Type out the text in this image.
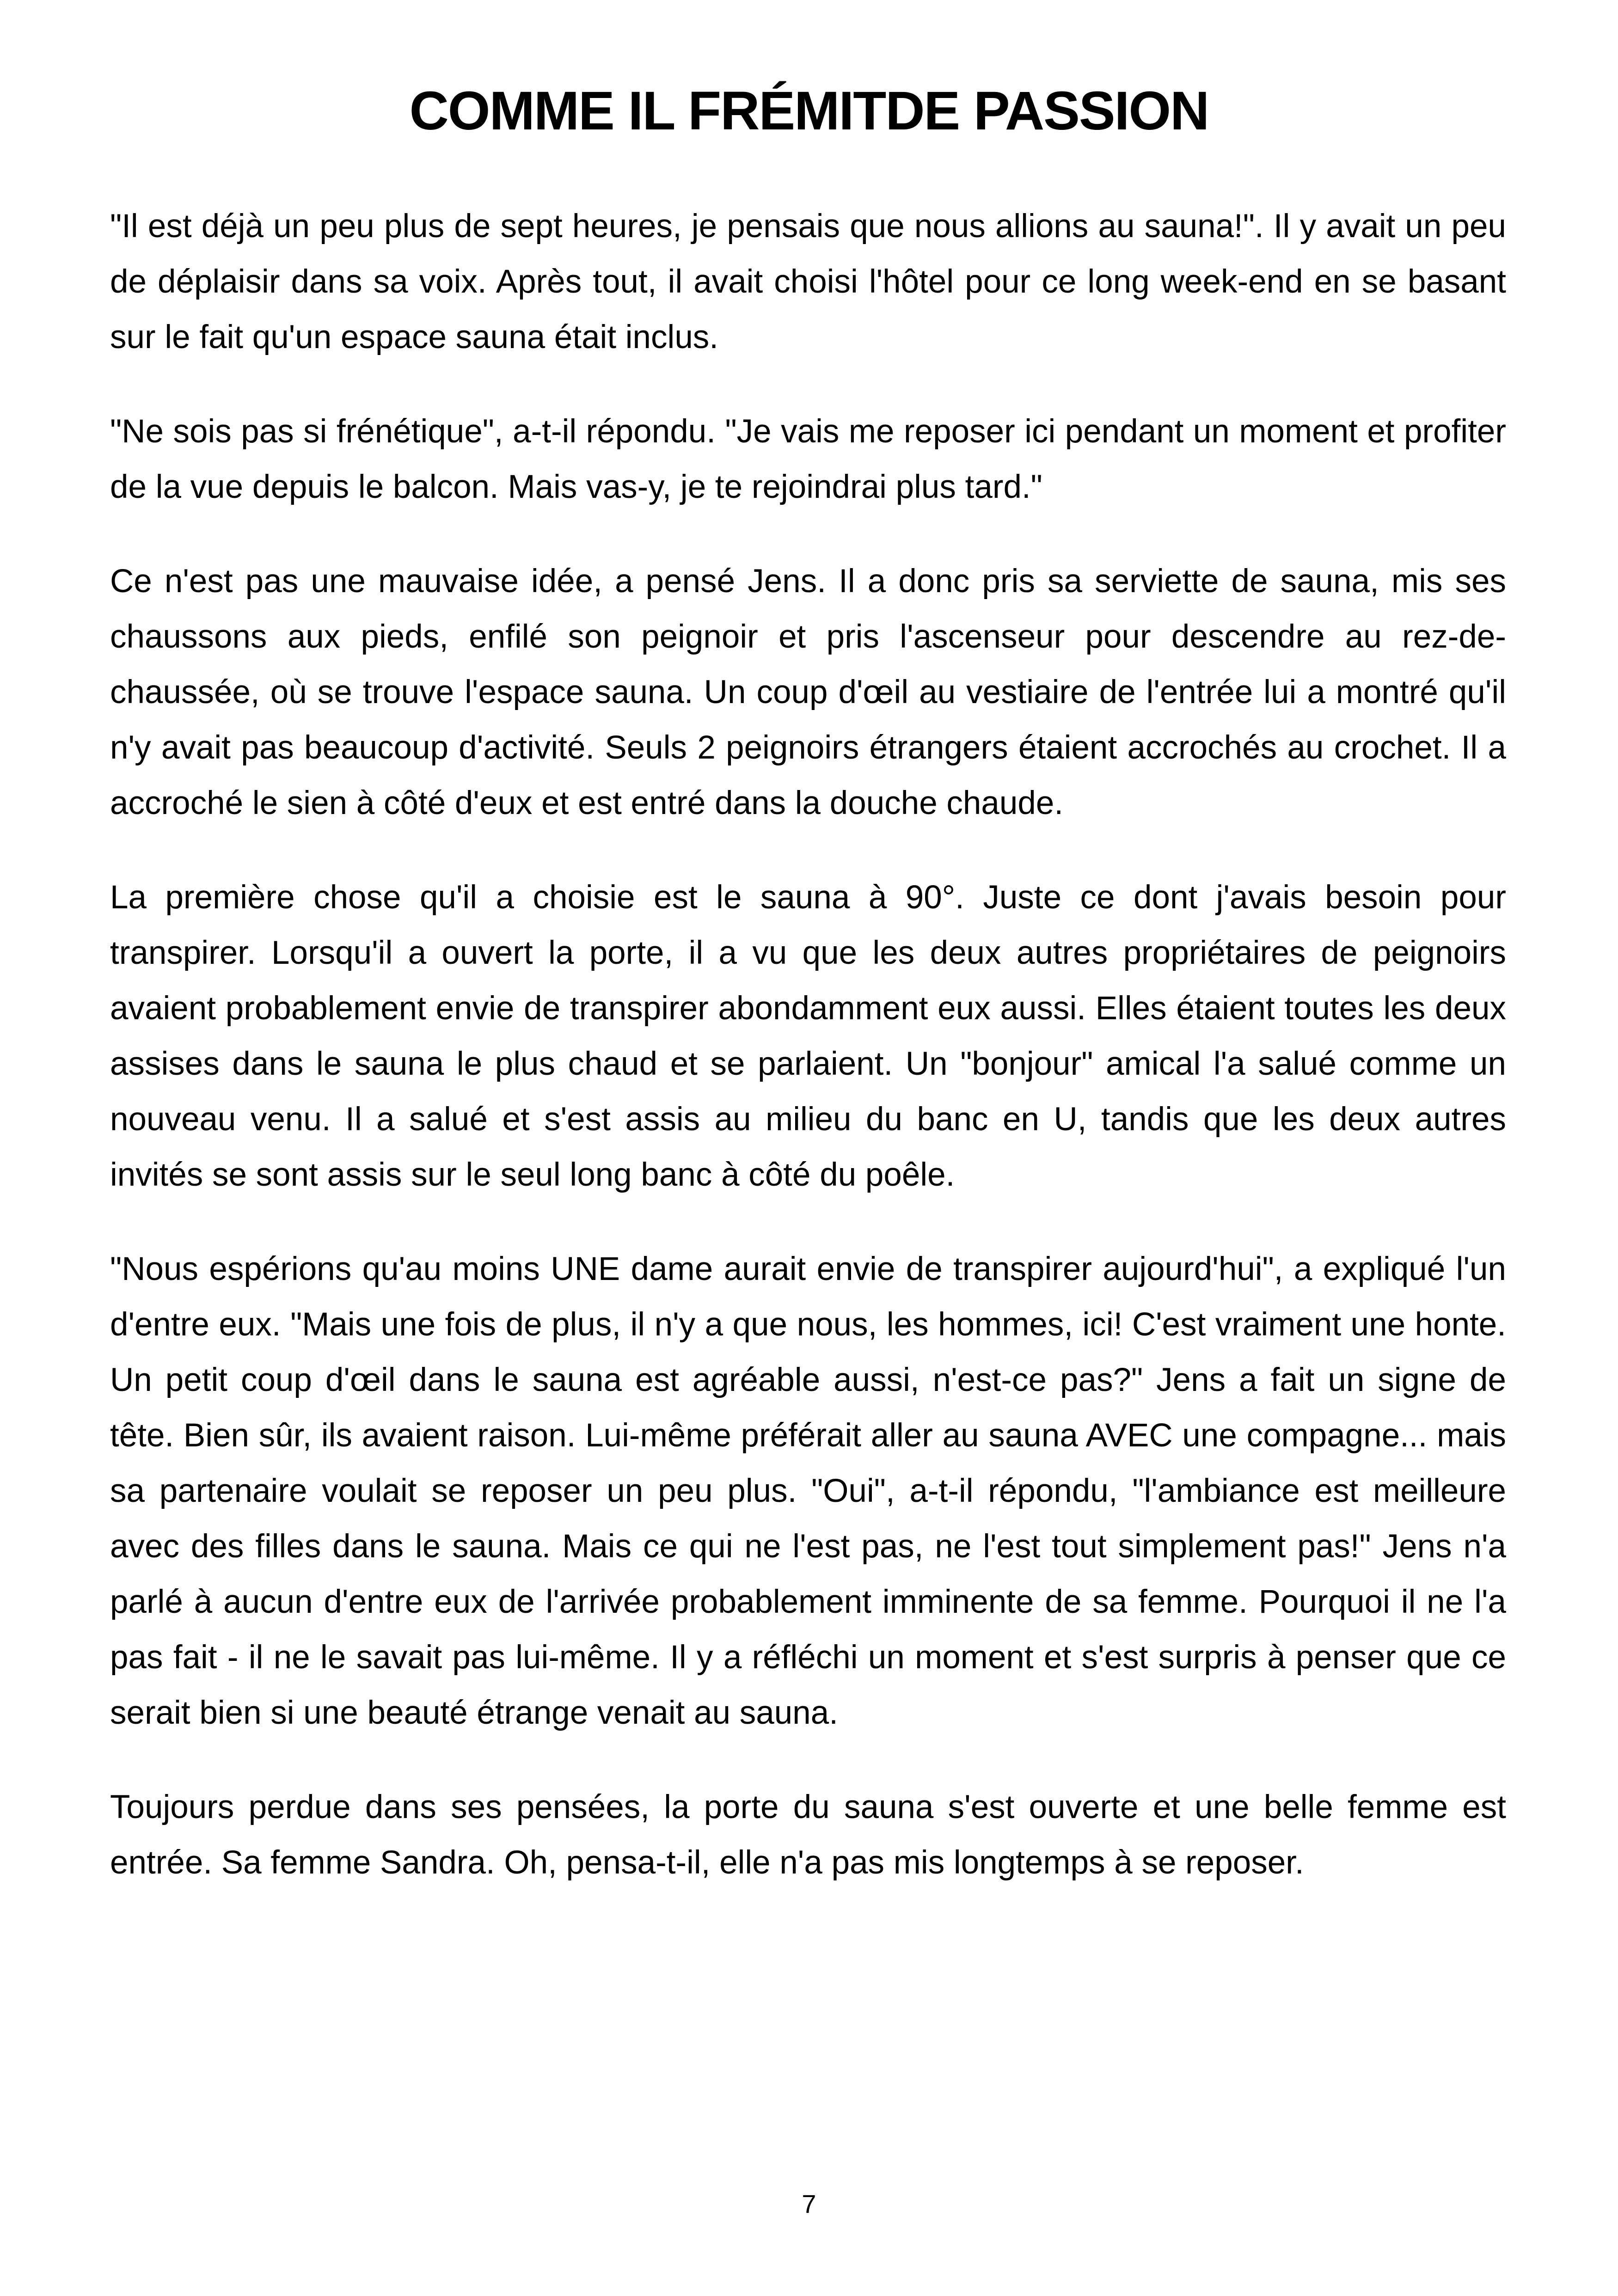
COMME IL FRÉMITDE PASSION

"Il est déjà un peu plus de sept heures, je pensais que nous allions au sauna!". Il y avait un peu de déplaisir dans sa voix. Après tout, il avait choisi l'hôtel pour ce long week-end en se basant sur le fait qu'un espace sauna était inclus.

"Ne sois pas si frénétique", a-t-il répondu. "Je vais me reposer ici pendant un moment et profiter de la vue depuis le balcon. Mais vas-y, je te rejoindrai plus tard."

Ce n'est pas une mauvaise idée, a pensé Jens. Il a donc pris sa serviette de sauna, mis ses chaussons aux pieds, enfilé son peignoir et pris l'ascenseur pour descendre au rez-de-chaussée, où se trouve l'espace sauna. Un coup d'œil au vestiaire de l'entrée lui a montré qu'il n'y avait pas beaucoup d'activité. Seuls 2 peignoirs étrangers étaient accrochés au crochet. Il a accroché le sien à côté d'eux et est entré dans la douche chaude.

La première chose qu'il a choisie est le sauna à 90°. Juste ce dont j'avais besoin pour transpirer. Lorsqu'il a ouvert la porte, il a vu que les deux autres propriétaires de peignoirs avaient probablement envie de transpirer abondamment eux aussi. Elles étaient toutes les deux assises dans le sauna le plus chaud et se parlaient. Un "bonjour" amical l'a salué comme un nouveau venu. Il a salué et s'est assis au milieu du banc en U, tandis que les deux autres invités se sont assis sur le seul long banc à côté du poêle.

"Nous espérions qu'au moins UNE dame aurait envie de transpirer aujourd'hui", a expliqué l'un d'entre eux. "Mais une fois de plus, il n'y a que nous, les hommes, ici! C'est vraiment une honte. Un petit coup d'œil dans le sauna est agréable aussi, n'est-ce pas?" Jens a fait un signe de tête. Bien sûr, ils avaient raison. Lui-même préférait aller au sauna AVEC une compagne... mais sa partenaire voulait se reposer un peu plus. "Oui", a-t-il répondu, "l'ambiance est meilleure avec des filles dans le sauna. Mais ce qui ne l'est pas, ne l'est tout simplement pas!" Jens n'a parlé à aucun d'entre eux de l'arrivée probablement imminente de sa femme. Pourquoi il ne l'a pas fait - il ne le savait pas lui-même. Il y a réfléchi un moment et s'est surpris à penser que ce serait bien si une beauté étrange venait au sauna.

Toujours perdue dans ses pensées, la porte du sauna s'est ouverte et une belle femme est entrée. Sa femme Sandra. Oh, pensa-t-il, elle n'a pas mis longtemps à se reposer.

7
